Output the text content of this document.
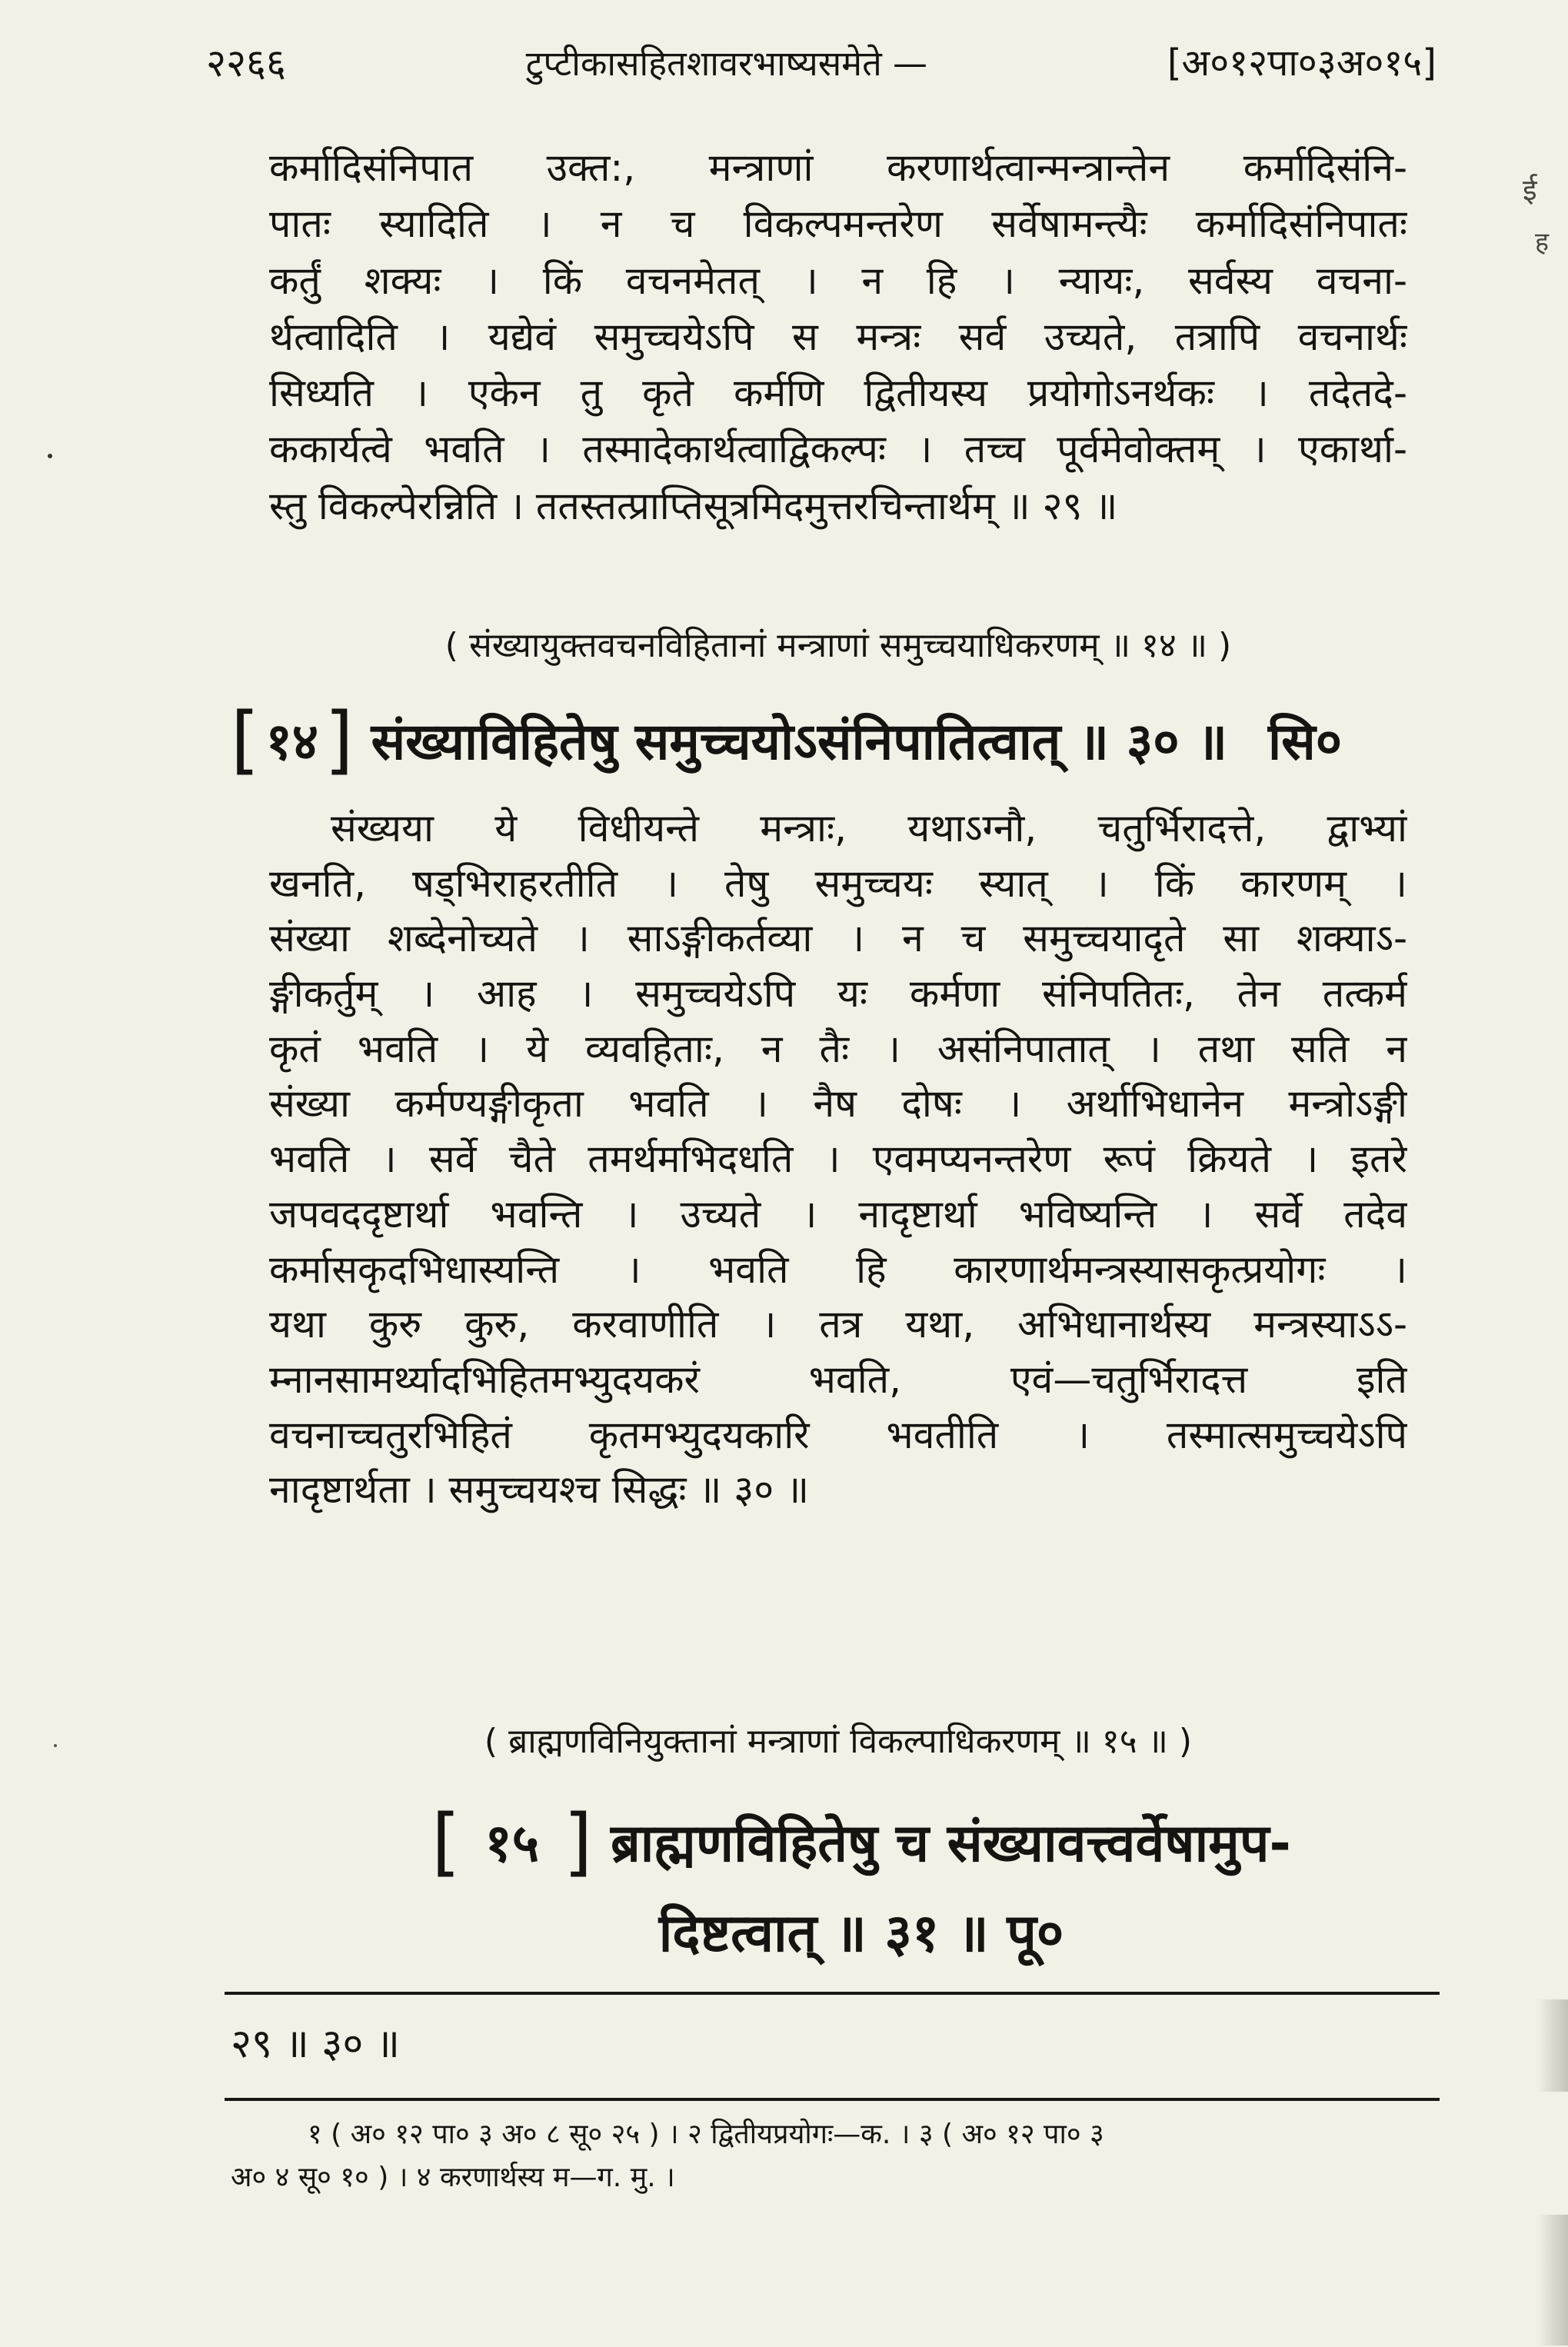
२२६६	टुप्टीकासहितशावरभाष्यसमेते —	[अ०१२पा०३अ०१५]
कर्मादिसंनिपात उक्त:, मन्त्राणां करणार्थत्वान्मन्त्रान्तेन कर्मादिसंनि-
पातः स्यादिति । न च विकल्पमन्तरेण सर्वेषामन्त्यैः कर्मादिसंनिपातः
कर्तुं शक्यः । किं वचनमेतत् । न हि । न्यायः, सर्वस्य वचना-
र्थत्वादिति । यद्येवं समुच्चयेऽपि स मन्त्रः सर्व उच्यते, तत्रापि वचनार्थः
सिध्यति । एकेन तु कृते कर्मणि द्वितीयस्य प्रयोगोऽनर्थकः । तदेतदे-
ककार्यत्वे भवति । तस्मादेकार्थत्वाद्विकल्पः । तच्च पूर्वमेवोक्तम् । एकार्था-
स्तु विकल्पेरन्निति । ततस्तत्प्राप्तिसूत्रमिदमुत्तरचिन्तार्थम् ॥ २९ ॥
( संख्यायुक्तवचनविहितानां मन्त्राणां समुच्चयाधिकरणम् ॥ १४ ॥ )
[ १४] संख्याविहितेषु समुच्चयोऽसंनिपातित्वात् ॥ ३० ॥ सि०
संख्यया ये विधीयन्ते मन्त्राः, यथाऽग्नौ, चतुर्भिरादत्ते, द्वाभ्यां
खनति, षड्भिराहरतीति । तेषु समुच्चयः स्यात् । किं कारणम् ।
संख्या शब्देनोच्यते । साऽङ्गीकर्तव्या । न च समुच्चयादृते सा शक्याऽ-
ङ्गीकर्तुम् । आह । समुच्चयेऽपि यः कर्मणा संनिपतितः, तेन तत्कर्म
कृतं भवति । ये व्यवहिताः, न तैः । असंनिपातात् । तथा सति न
संख्या कर्मण्यङ्गीकृता भवति । नैष दोषः । अर्थाभिधानेन मन्त्रोऽङ्गी
भवति । सर्वे चैते तमर्थमभिदधति । एवमप्यनन्तरेण रूपं क्रियते । इतरे
जपवददृष्टार्था भवन्ति । उच्यते । नादृष्टार्था भविष्यन्ति । सर्वे तदेव
कर्मासकृदभिधास्यन्ति । भवति हि कारणार्थमन्त्रस्यासकृत्प्रयोगः ।
यथा कुरु कुरु, करवाणीति । तत्र यथा, अभिधानार्थस्य मन्त्रस्याऽऽ-
म्नानसामर्थ्यादभिहितमभ्युदयकरं भवति, एवं—चतुर्भिरादत्त इति
वचनाच्चतुरभिहितं कृतमभ्युदयकारि भवतीति । तस्मात्समुच्चयेऽपि
नादृष्टार्थता । समुच्चयश्च सिद्धः ॥ ३० ॥
( ब्राह्मणविनियुक्तानां मन्त्राणां विकल्पाधिकरणम् ॥ १५ ॥ )
[ १५ ] ब्राह्मणविहितेषु च संख्यावत्त्वर्वेषामुप-
दिष्टत्वात् ॥ ३१ ॥ पू०
२९ ॥ ३० ॥
१ ( अ० १२ पा० ३ अ० ८ सू० २५ ) । २ द्वितीयप्रयोगः—क. । ३ ( अ० १२ पा० ३
अ० ४ सू० १० ) । ४ करणार्थस्य म—ग. मु. ।
ई
ह
